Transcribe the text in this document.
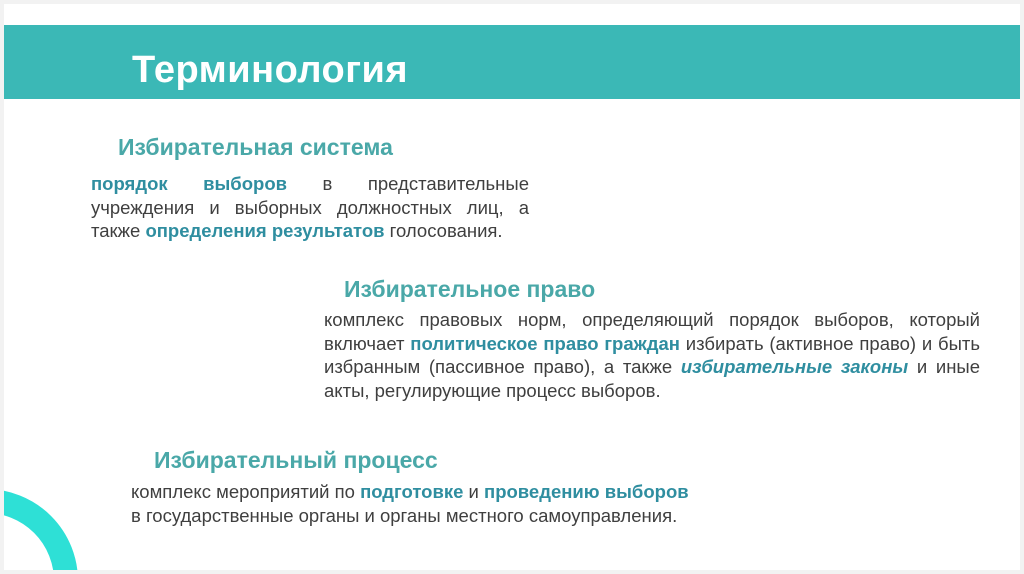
Терминология
Избирательная система
порядок выборов в представительные учреждения и выборных должностных лиц, а также определения результатов голосования.
Избирательное право
комплекс правовых норм, определяющий порядок выборов, который включает политическое право граждан избирать (активное право) и быть избранным (пассивное право), а также избирательные законы и иные акты, регулирующие процесс выборов.
Избирательный процесс
комплекс мероприятий по подготовке и проведению выборов
в государственные органы и органы местного самоуправления.
